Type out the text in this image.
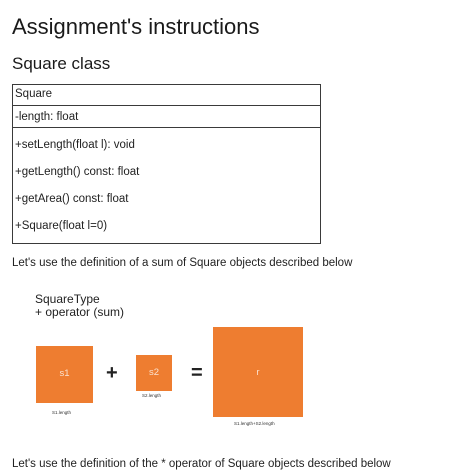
Assignment's instructions
Square class
Square
-length: float
+setLength(float l): void
+getLength() const: float
+getArea() const: float
+Square(float l=0)
Let's use the definition of a sum of Square objects described below
SquareType
+ operator (sum)
s1	+	s2	=	r
S1.length
S2.length
S1.length+S2.length
Let's use the definition of the * operator of Square objects described below
